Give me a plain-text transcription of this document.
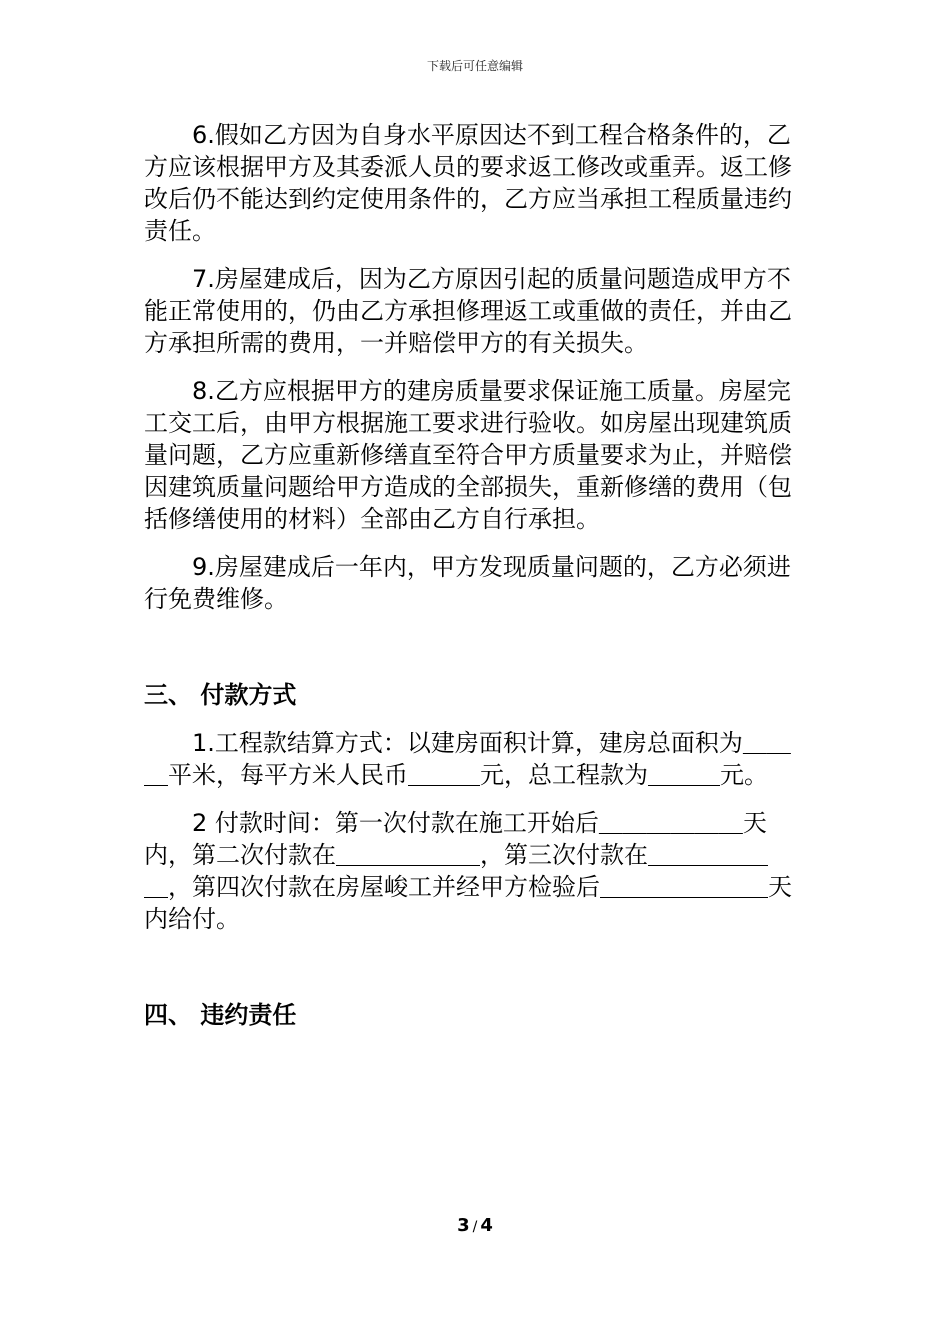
下载后可任意编辑

6.假如乙方因为自身水平原因达不到工程合格条件的，乙方应该根据甲方及其委派人员的要求返工修改或重弄。返工修改后仍不能达到约定使用条件的，乙方应当承担工程质量违约责任。

7.房屋建成后，因为乙方原因引起的质量问题造成甲方不能正常使用的，仍由乙方承担修理返工或重做的责任，并由乙方承担所需的费用，一并赔偿甲方的有关损失。

8.乙方应根据甲方的建房质量要求保证施工质量。房屋完工交工后，由甲方根据施工要求进行验收。如房屋出现建筑质量问题，乙方应重新修缮直至符合甲方质量要求为止，并赔偿因建筑质量问题给甲方造成的全部损失，重新修缮的费用（包括修缮使用的材料）全部由乙方自行承担。

9.房屋建成后一年内，甲方发现质量问题的，乙方必须进行免费维修。

三、 付款方式

1.工程款结算方式：以建房面积计算，建房总面积为＿＿＿平米，每平方米人民币＿＿＿元，总工程款为＿＿＿元。

2 付款时间：第一次付款在施工开始后＿＿＿＿＿＿天内，第二次付款在＿＿＿＿＿＿，第三次付款在＿＿＿＿＿＿，第四次付款在房屋峻工并经甲方检验后＿＿＿＿＿＿＿天内给付。

四、 违约责任

3 / 4
